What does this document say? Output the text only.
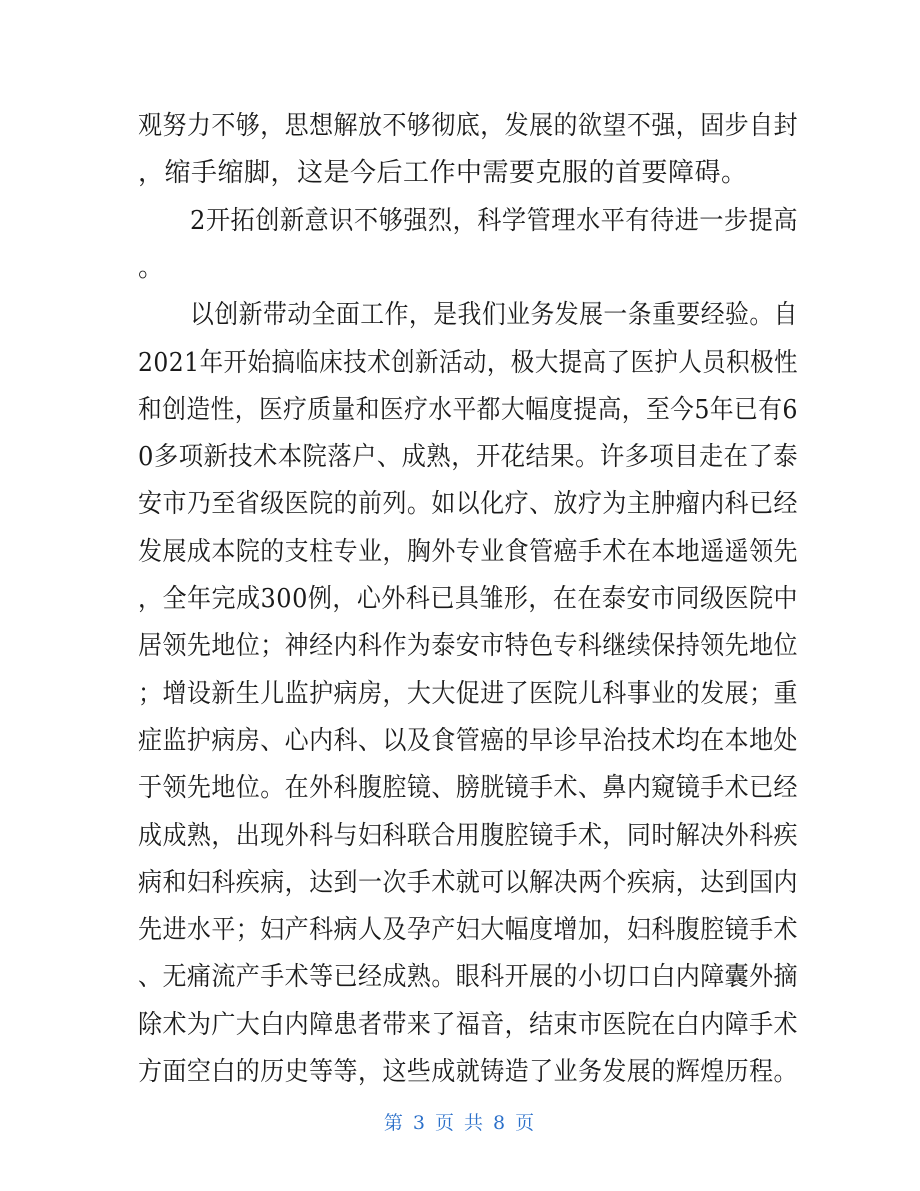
观努力不够，思想解放不够彻底，发展的欲望不强，固步自封
，缩手缩脚，这是今后工作中需要克服的首要障碍。
2开拓创新意识不够强烈，科学管理水平有待进一步提高
。
以创新带动全面工作，是我们业务发展一条重要经验。自
2021年开始搞临床技术创新活动，极大提高了医护人员积极性
和创造性，医疗质量和医疗水平都大幅度提高，至今5年已有6
0多项新技术本院落户、成熟，开花结果。许多项目走在了泰
安市乃至省级医院的前列。如以化疗、放疗为主肿瘤内科已经
发展成本院的支柱专业，胸外专业食管癌手术在本地遥遥领先
，全年完成300例，心外科已具雏形，在在泰安市同级医院中
居领先地位；神经内科作为泰安市特色专科继续保持领先地位
；增设新生儿监护病房，大大促进了医院儿科事业的发展；重
症监护病房、心内科、以及食管癌的早诊早治技术均在本地处
于领先地位。在外科腹腔镜、膀胱镜手术、鼻内窥镜手术已经
成成熟，出现外科与妇科联合用腹腔镜手术，同时解决外科疾
病和妇科疾病，达到一次手术就可以解决两个疾病，达到国内
先进水平；妇产科病人及孕产妇大幅度增加，妇科腹腔镜手术
、无痛流产手术等已经成熟。眼科开展的小切口白内障囊外摘
除术为广大白内障患者带来了福音，结束市医院在白内障手术
方面空白的历史等等，这些成就铸造了业务发展的辉煌历程。
第 3 页 共 8 页
